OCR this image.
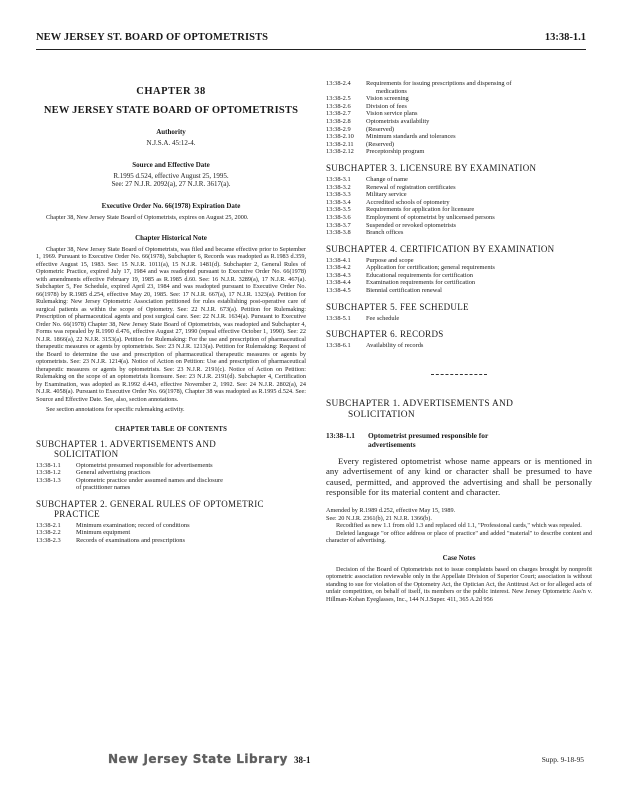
NEW JERSEY ST. BOARD OF OPTOMETRISTS	13:38-1.1
CHAPTER 38
NEW JERSEY STATE BOARD OF OPTOMETRISTS
Authority
N.J.S.A. 45:12-4.
Source and Effective Date
R.1995 d.524, effective August 25, 1995.
See: 27 N.J.R. 2092(a), 27 N.J.R. 3617(a).
Executive Order No. 66(1978) Expiration Date
Chapter 38, New Jersey State Board of Optometrists, expires on August 25, 2000.
Chapter Historical Note
Chapter 38, New Jersey State Board of Optometrists, was filed and became effective prior to September 1, 1969. Pursuant to Executive Order No. 66(1978), Subchapter 6, Records was readopted as R.1983 d.359, effective August 15, 1983. See: 15 N.J.R. 1011(a), 15 N.J.R. 1481(d). Subchapter 2, General Rules of Optometric Practice, expired July 17, 1984 and was readopted pursuant to Executive Order No. 66(1978) with amendments effective February 19, 1985 as R.1985 d.60. See: 16 N.J.R. 3289(a), 17 N.J.R. 467(a). Subchapter 5, Fee Schedule, expired April 23, 1984 and was readopted pursuant to Executive Order No. 66(1978) by R.1985 d.254, effective May 20, 1985. See: 17 N.J.R. 667(a), 17 N.J.R. 1323(a). Petition for Rulemaking: New Jersey Optometric Association petitioned for rules establishing post-operative care of surgical patients as within the scope of Optometry. See: 22 N.J.R. 673(a). Petition for Rulemaking: Prescription of pharmaceutical agents and post surgical care. See: 22 N.J.R. 1634(a). Pursuant to Executive Order No. 66(1978) Chapter 38, New Jersey State Board of Optometrists, was readopted and Subchapter 4, Forms was repealed by R.1990 d.476, effective August 27, 1990 (repeal effective October 1, 1990). See: 22 N.J.R. 1866(a), 22 N.J.R. 3153(a). Petition for Rulemaking: For the use and prescription of pharmaceutical therapeutic measures or agents by optometrists. See: 23 N.J.R. 1213(a). Petition for Rulemaking: Request of the Board to determine the use and prescription of pharmaceutical therapeutic measures or agents by optometrists. See: 23 N.J.R. 1214(a). Notice of Action on Petition: Use and prescription of pharmaceutical therapeutic measures or agents by optometrists. See: 23 N.J.R. 2191(c). Notice of Action on Petition: Rulemaking on the scope of an optometrists licensure. See: 23 N.J.R. 2191(d). Subchapter 4, Certification by Examination, was adopted as R.1992 d.443, effective November 2, 1992. See: 24 N.J.R. 2802(a), 24 N.J.R. 4058(a). Pursuant to Executive Order No. 66(1978), Chapter 38 was readopted as R.1995 d.524. See: Source and Effective Date. See, also, section annotations.
See section annotations for specific rulemaking activity.
CHAPTER TABLE OF CONTENTS
SUBCHAPTER 1. ADVERTISEMENTS AND
SOLICITATION
13:38-1.1 Optometrist presumed responsible for advertisements
13:38-1.2 General advertising practices
13:38-1.3 Optometric practice under assumed names and disclosure
of practitioner names
SUBCHAPTER 2. GENERAL RULES OF OPTOMETRIC
PRACTICE
13:38-2.1 Minimum examination; record of conditions
13:38-2.2 Minimum equipment
13:38-2.3 Records of examinations and prescriptions
13:38-2.4 Requirements for issuing prescriptions and dispensing of
medications
13:38-2.5 Vision screening
13:38-2.6 Division of fees
13:38-2.7 Vision service plans
13:38-2.8 Optometrists availability
13:38-2.9 (Reserved)
13:38-2.10 Minimum standards and tolerances
13:38-2.11 (Reserved)
13:38-2.12 Preceptorship program
SUBCHAPTER 3. LICENSURE BY EXAMINATION
13:38-3.1 Change of name
13:38-3.2 Renewal of registration certificates
13:38-3.3 Military service
13:38-3.4 Accredited schools of optometry
13:38-3.5 Requirements for application for licensure
13:38-3.6 Employment of optometrist by unlicensed persons
13:38-3.7 Suspended or revoked optometrists
13:38-3.8 Branch offices
SUBCHAPTER 4. CERTIFICATION BY EXAMINATION
13:38-4.1 Purpose and scope
13:38-4.2 Application for certification; general requirements
13:38-4.3 Educational requirements for certification
13:38-4.4 Examination requirements for certification
13:38-4.5 Biennial certification renewal
SUBCHAPTER 5. FEE SCHEDULE
13:38-5.1 Fee schedule
SUBCHAPTER 6. RECORDS
13:38-6.1 Availability of records
SUBCHAPTER 1. ADVERTISEMENTS AND
SOLICITATION
13:38-1.1 Optometrist presumed responsible for
advertisements
Every registered optometrist whose name appears or is mentioned in any advertisement of any kind or character shall be presumed to have caused, permitted, and approved the advertising and shall be personally responsible for its material content and character.
Amended by R.1989 d.252, effective May 15, 1989.
See: 20 N.J.R. 2361(b), 21 N.J.R. 1366(b).
Recodified as new 1.1 from old 1.3 and replaced old 1.1, "Professional cards," which was repealed.
Deleted language "or office address or place of practice" and added "material" to describe content and character of advertising.
Case Notes
Decision of the Board of Optometrists not to issue complaints based on charges brought by nonprofit optometric association reviewable only in the Appellate Division of Superior Court; association is without standing to sue for violation of the Optometry Act, the Optician Act, the Antitrust Act or for alleged acts of unfair competition, on behalf of itself, its members or the public interest. New Jersey Optometric Ass'n v. Hillman-Kohan Eyeglasses, Inc., 144 N.J.Super. 411, 365 A.2d 956
New Jersey State Library 38-1	Supp. 9-18-95
